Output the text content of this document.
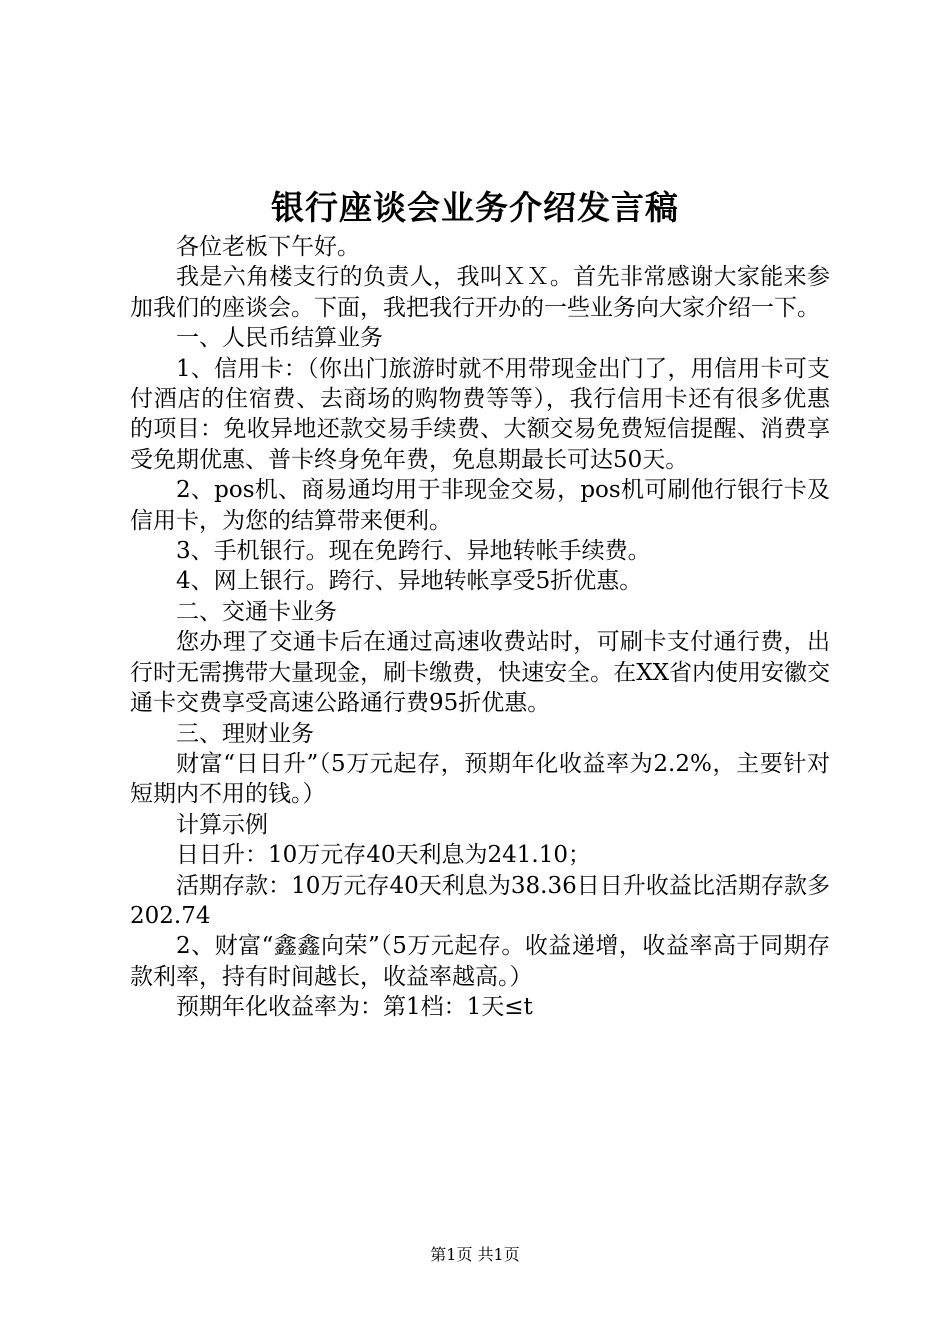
银行座谈会业务介绍发言稿

各位老板下午好。

我是六角楼支行的负责人，我叫ＸＸ。首先非常感谢大家能来参加我们的座谈会。下面，我把我行开办的一些业务向大家介绍一下。

一、人民币结算业务

1、信用卡：（你出门旅游时就不用带现金出门了，用信用卡可支付酒店的住宿费、去商场的购物费等等），我行信用卡还有很多优惠的项目：免收异地还款交易手续费、大额交易免费短信提醒、消费享受免期优惠、普卡终身免年费，免息期最长可达50天。

2、pos机、商易通均用于非现金交易，pos机可刷他行银行卡及信用卡，为您的结算带来便利。

3、手机银行。现在免跨行、异地转帐手续费。

4、网上银行。跨行、异地转帐享受5折优惠。

二、交通卡业务

您办理了交通卡后在通过高速收费站时，可刷卡支付通行费，出行时无需携带大量现金，刷卡缴费，快速安全。在XX省内使用安徽交通卡交费享受高速公路通行费95折优惠。

三、理财业务

财富“日日升”（5万元起存，预期年化收益率为2.2%，主要针对短期内不用的钱。）

计算示例

日日升：10万元存40天利息为241.10；

活期存款：10万元存40天利息为38.36日日升收益比活期存款多202.74

2、财富“鑫鑫向荣”（5万元起存。收益递增，收益率高于同期存款利率，持有时间越长，收益率越高。）

预期年化收益率为：第1档：1天≤t

第1页 共1页
